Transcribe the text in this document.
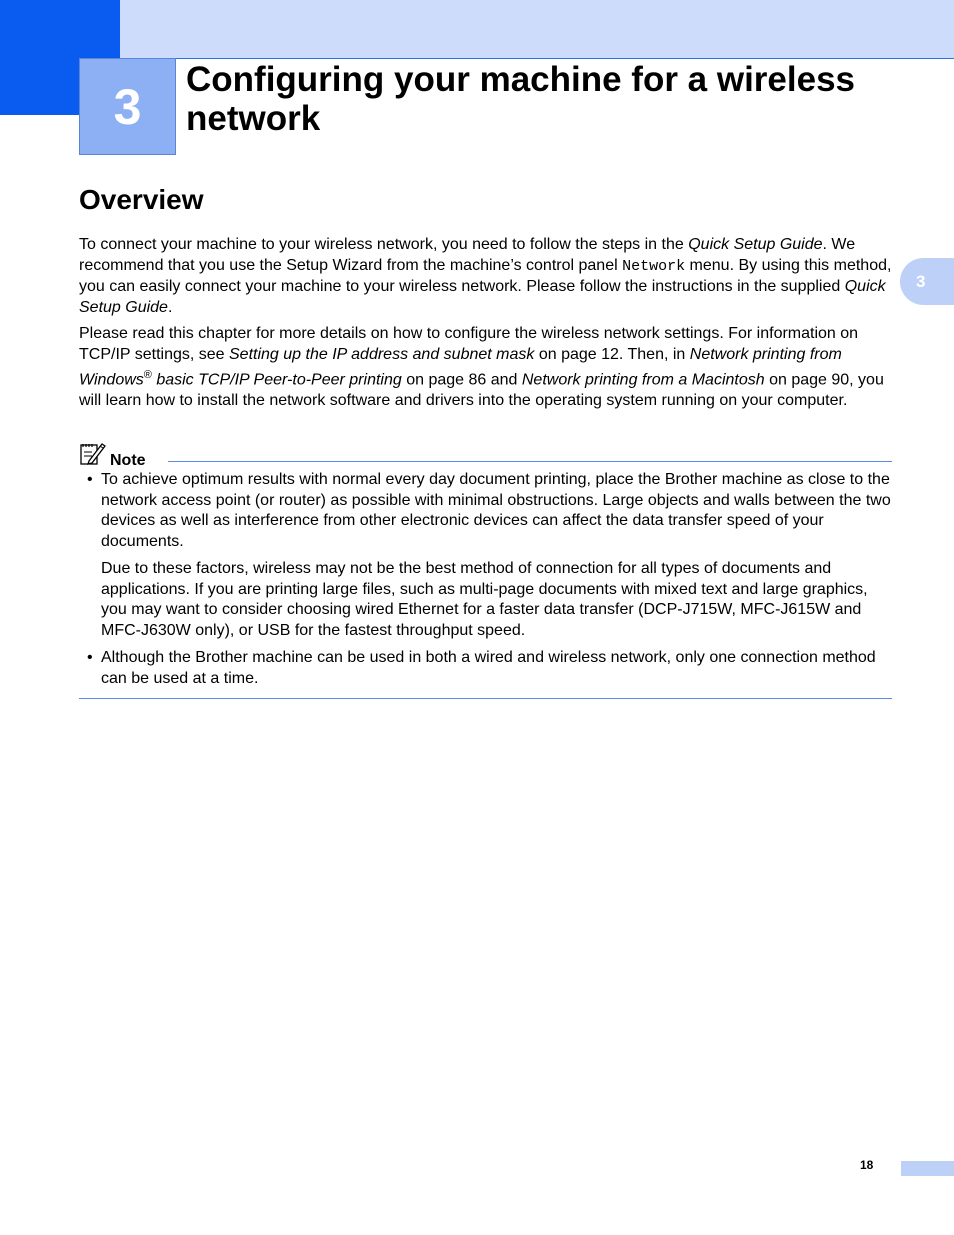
3 Configuring your machine for a wireless network
Overview
3

To connect your machine to your wireless network, you need to follow the steps in the Quick Setup Guide. We recommend that you use the Setup Wizard from the machine’s control panel Network menu. By using this method, you can easily connect your machine to your wireless network. Please follow the instructions in the supplied Quick Setup Guide.

Please read this chapter for more details on how to configure the wireless network settings. For information on TCP/IP settings, see Setting up the IP address and subnet mask on page 12. Then, in Network printing from Windows® basic TCP/IP Peer-to-Peer printing on page 86 and Network printing from a Macintosh on page 90, you will learn how to install the network software and drivers into the operating system running on your computer.

Note
• To achieve optimum results with normal every day document printing, place the Brother machine as close to the network access point (or router) as possible with minimal obstructions. Large objects and walls between the two devices as well as interference from other electronic devices can affect the data transfer speed of your documents.

Due to these factors, wireless may not be the best method of connection for all types of documents and applications. If you are printing large files, such as multi-page documents with mixed text and large graphics, you may want to consider choosing wired Ethernet for a faster data transfer (DCP-J715W, MFC-J615W and MFC-J630W only), or USB for the fastest throughput speed.

• Although the Brother machine can be used in both a wired and wireless network, only one connection method can be used at a time.

18
